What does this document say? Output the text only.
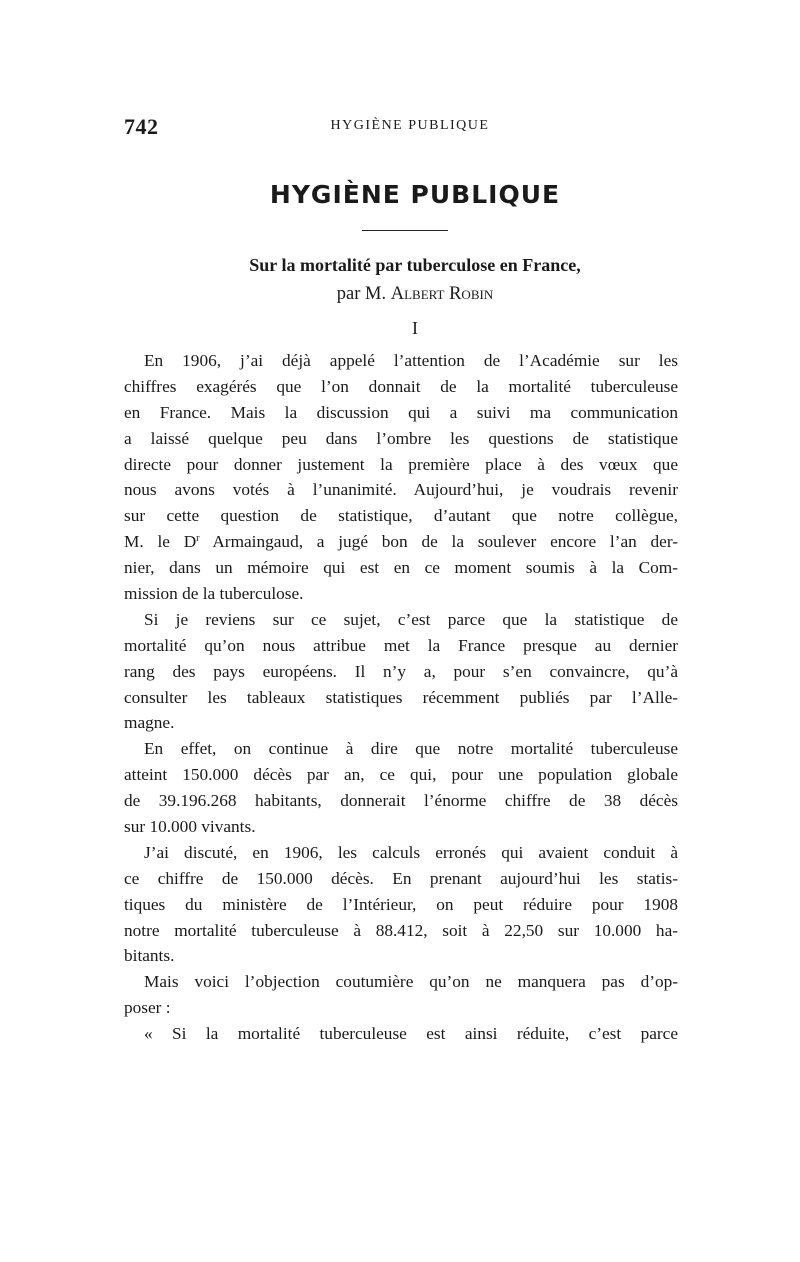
742	HYGIÈNE PUBLIQUE
HYGIÈNE PUBLIQUE
Sur la mortalité par tuberculose en France,
par M. Albert Robin
I
En 1906, j’ai déjà appelé l’attention de l’Académie sur les
chiffres exagérés que l’on donnait de la mortalité tuberculeuse
en France. Mais la discussion qui a suivi ma communication
a laissé quelque peu dans l’ombre les questions de statistique
directe pour donner justement la première place à des vœux que
nous avons votés à l’unanimité. Aujourd’hui, je voudrais revenir
sur cette question de statistique, d’autant que notre collègue,
M. le $D^r$ Armaingaud, a jugé bon de la soulever encore l’an der-
nier, dans un mémoire qui est en ce moment soumis à la Com-
mission de la tuberculose.
Si je reviens sur ce sujet, c’est parce que la statistique de
mortalité qu’on nous attribue met la France presque au dernier
rang des pays européens. Il n’y a, pour s’en convaincre, qu’à
consulter les tableaux statistiques récemment publiés par l’Alle-
magne.
En effet, on continue à dire que notre mortalité tuberculeuse
atteint 150.000 décès par an, ce qui, pour une population globale
de 39.196.268 habitants, donnerait l’énorme chiffre de 38 décès
sur 10.000 vivants.
J’ai discuté, en 1906, les calculs erronés qui avaient conduit à
ce chiffre de 150.000 décès. En prenant aujourd’hui les statis-
tiques du ministère de l’Intérieur, on peut réduire pour 1908
notre mortalité tuberculeuse à 88.412, soit à 22,50 sur 10.000 ha-
bitants.
Mais voici l’objection coutumière qu’on ne manquera pas d’op-
poser :
« Si la mortalité tuberculeuse est ainsi réduite, c’est parce
